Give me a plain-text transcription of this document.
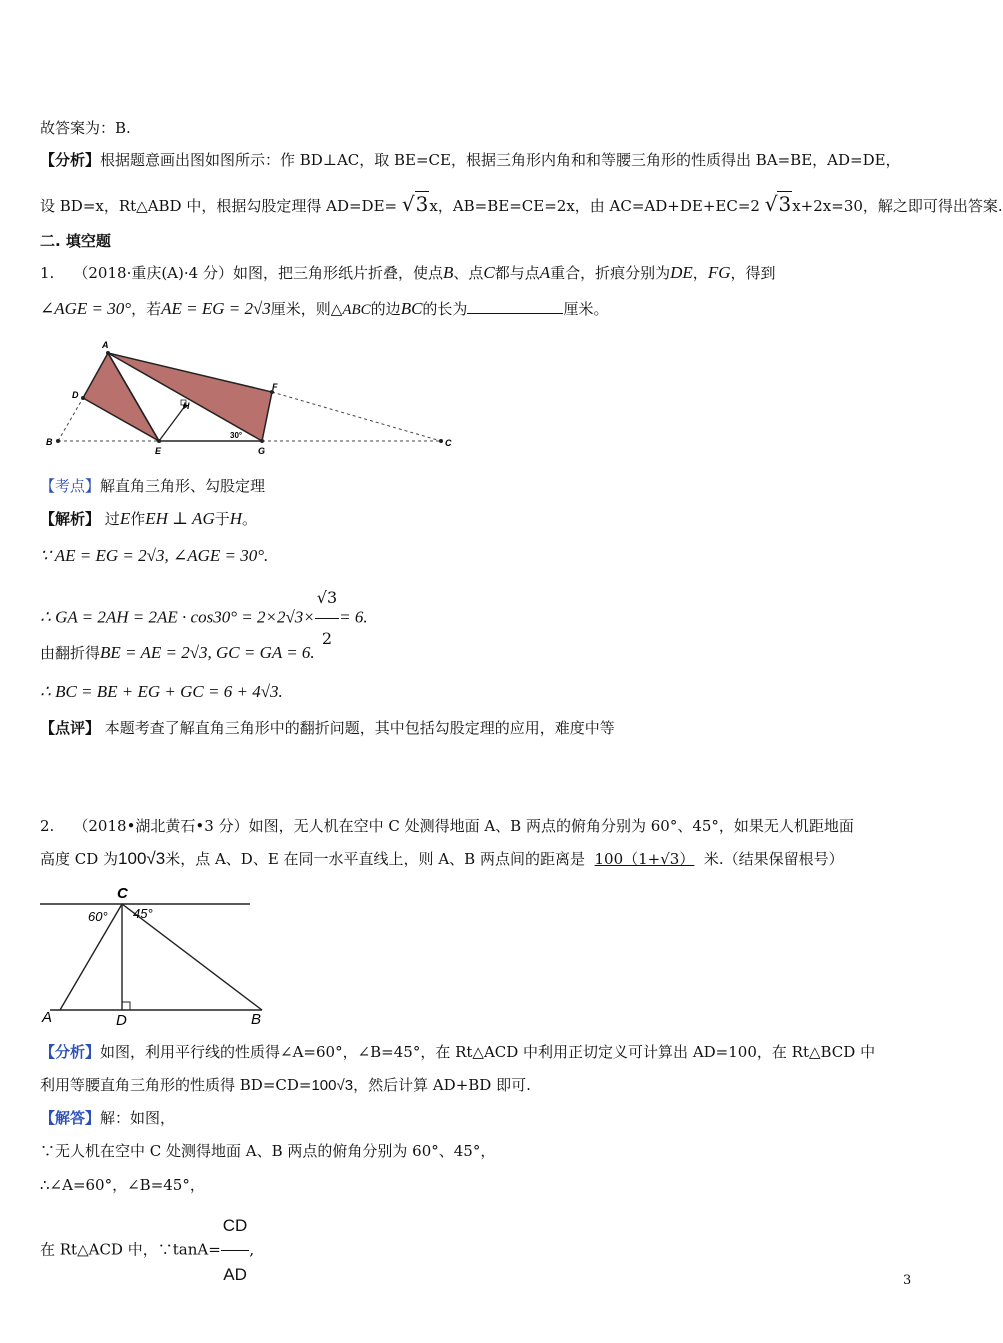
故答案为：B.
【分析】根据题意画出图如图所示：作 BD⊥AC，取 BE=CE，根据三角形内角和和等腰三角形的性质得出 BA=BE，AD=DE，
设 BD=x，Rt△ABD 中，根据勾股定理得 AD=DE= √3x，AB=BE=CE=2x，由 AC=AD+DE+EC=2 √3x+2x=30，解之即可得出答案.
二. 填空题
1. （2018·重庆(A)·4 分）如图，把三角形纸片折叠，使点B、点C都与点A重合，折痕分别为DE，FG，得到
∠AGE = 30°，若AE = EG = 2√3厘米，则△ABC的边BC的长为	厘米。
A
D
B
E
H
G
F
C
30°
【考点】解直角三角形、勾股定理
【解析】 过E作EH ⊥ AG于H。
∵ AE = EG = 2√3, ∠AGE = 30°.
∴ GA = $2AH = 2AE \cdot \cos 30^\circ = 2\times 2√3\times \frac{√3}{2} = 6$.
由翻折得BE = AE = 2√3, GC = GA = 6.
∴ BC = BE + EG + GC = 6 + 4√3.
【点评】 本题考查了解直角三角形中的翻折问题，其中包括勾股定理的应用，难度中等
2. （2018•湖北黄石•3 分）如图，无人机在空中 C 处测得地面 A、B 两点的俯角分别为 60°、45°，如果无人机距地面
高度 CD 为100√3米，点 A、D、E 在同一水平直线上，则 A、B 两点间的距离是 100（1+√3） 米.（结果保留根号）
C
60° 45°
A	D	B
【分析】如图，利用平行线的性质得∠A=60°，∠B=45°，在 Rt△ACD 中利用正切定义可计算出 AD=100，在 Rt△BCD 中
利用等腰直角三角形的性质得 BD=CD=100√3，然后计算 AD+BD 即可.
【解答】解：如图，
∵无人机在空中 C 处测得地面 A、B 两点的俯角分别为 60°、45°，
∴∠A=60°，∠B=45°，
在 Rt△ACD 中，∵tanA= $\frac{CD}{AD}$ ,
3
